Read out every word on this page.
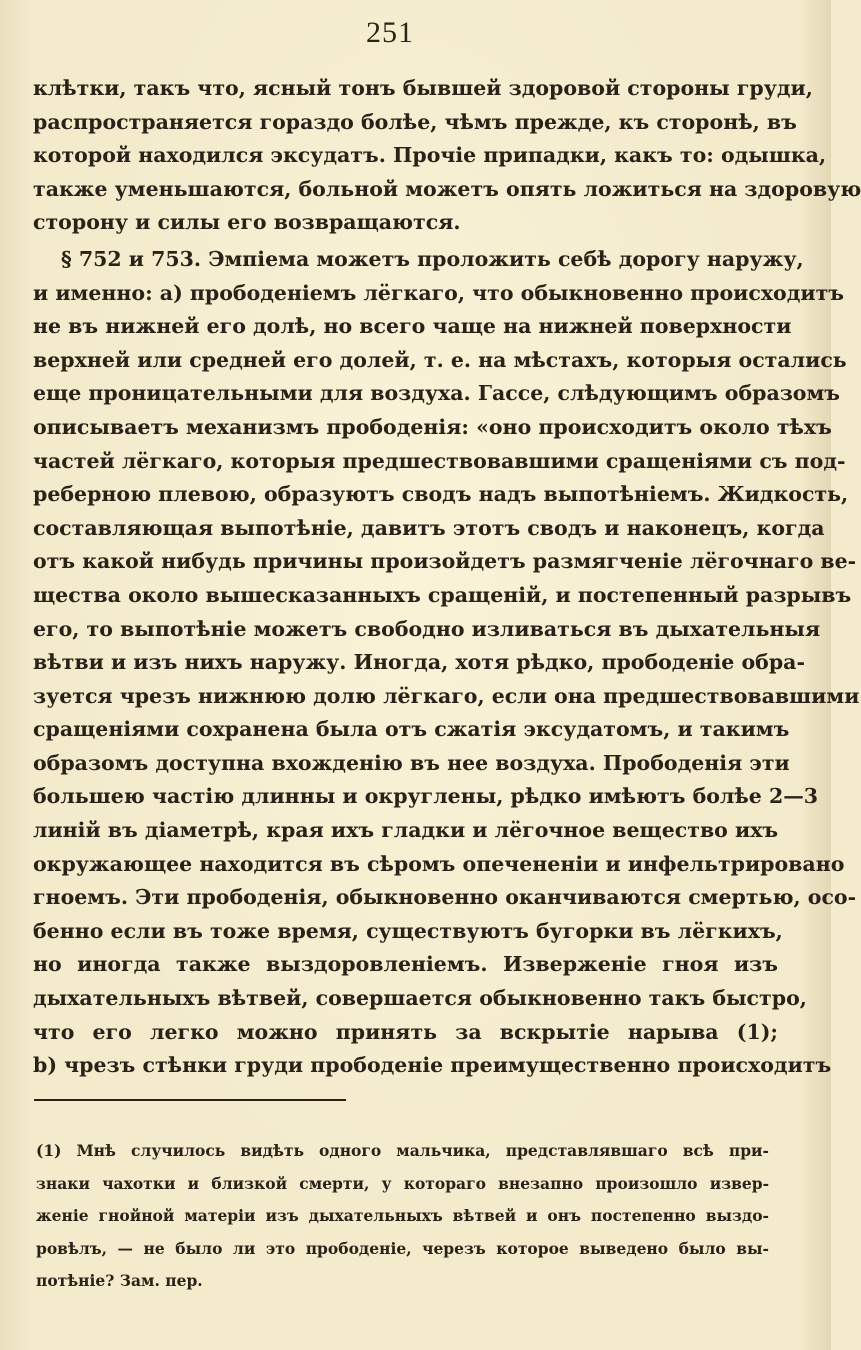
251
клѣтки, такъ что, ясный тонъ бывшей здоровой стороны груди,
распространяется гораздо болѣе, чѣмъ прежде, къ сторонѣ, въ
которой находился эксудатъ. Прочіе припадки, какъ то: одышка,
также уменьшаются, больной можетъ опять ложиться на здоровую
сторону и силы его возвращаются.
§ 752 и 753. Эмпіема можетъ проложить себѣ дорогу наружу,
и именно: a) прободеніемъ лёгкаго, что обыкновенно происходитъ
не въ нижней его долѣ, но всего чаще на нижней поверхности
верхней или средней его долей, т. е. на мѣстахъ, которыя остались
еще проницательными для воздуха. Гассе, слѣдующимъ образомъ
описываетъ механизмъ прободенія: «оно происходитъ около тѣхъ
частей лёгкаго, которыя предшествовавшими сращеніями съ под-
реберною плевою, образуютъ сводъ надъ выпотѣніемъ. Жидкость,
составляющая выпотѣніе, давитъ этотъ сводъ и наконецъ, когда
отъ какой нибудь причины произойдетъ размягченіе лёгочнаго ве-
щества около вышесказанныхъ сращеній, и постепенный разрывъ
его, то выпотѣніе можетъ свободно изливаться въ дыхательныя
вѣтви и изъ нихъ наружу. Иногда, хотя рѣдко, прободеніе обра-
зуется чрезъ нижнюю долю лёгкаго, если она предшествовавшими
сращеніями сохранена была отъ сжатія эксудатомъ, и такимъ
образомъ доступна вхожденію въ нее воздуха. Прободенія эти
большею частію длинны и округлены, рѣдко имѣютъ болѣе 2—3
линій въ діаметрѣ, края ихъ гладки и лёгочное вещество ихъ
окружающее находится въ сѣромъ опечененіи и инфельтрировано
гноемъ. Эти прободенія, обыкновенно оканчиваются смертью, осо-
бенно если въ тоже время, существуютъ бугорки въ лёгкихъ,
но иногда также выздоровленіемъ. Изверженіе гноя изъ
дыхательныхъ вѣтвей, совершается обыкновенно такъ быстро,
что его легко можно принять за вскрытіе нарыва (1);
b) чрезъ стѣнки груди прободеніе преимущественно происходитъ
(1) Мнѣ случилось видѣть одного мальчика, представлявшаго всѣ при-
знаки чахотки и близкой смерти, у котораго внезапно произошло извер-
женіе гнойной матеріи изъ дыхательныхъ вѣтвей и онъ постепенно выздо-
ровѣлъ, — не было ли это прободеніе, черезъ которое выведено было вы-
потѣніе? Зам. пер.
